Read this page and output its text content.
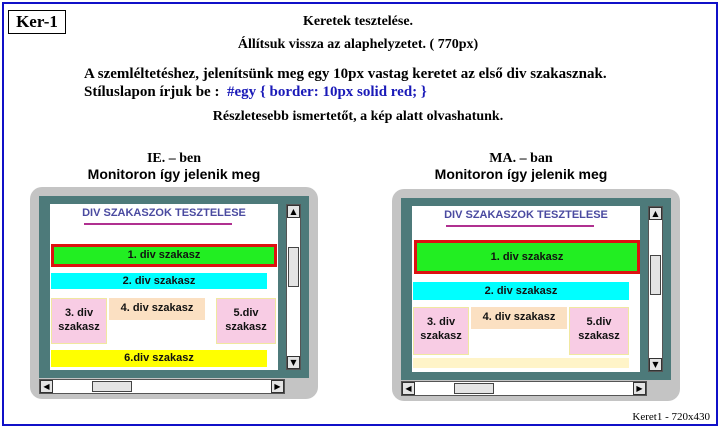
Ker-1	Keretek tesztelése.
Állítsuk vissza az alaphelyzetet. ( 770px)
A szemléltetéshez, jelenítsünk meg egy 10px vastag keretet az első div szakasznak.
Stíluslapon írjuk be : #egy { border: 10px solid red; }
Részletesebb ismertetőt, a kép alatt olvashatunk.
IE. – ben
Monitoron így jelenik meg
DIV SZAKASZOK TESZTELESE
1. div szakasz
2. div szakasz
3. div szakasz
4. div szakasz	5.div szakasz
6.div szakasz
▲
▼
◀	▶
MA. – ban
Monitoron így jelenik meg
DIV SZAKASZOK TESZTELESE
1. div szakasz
2. div szakasz
3. div szakasz
4. div szakasz	5.div szakasz
▲
▼
◀	▶
Keret1 - 720x430
